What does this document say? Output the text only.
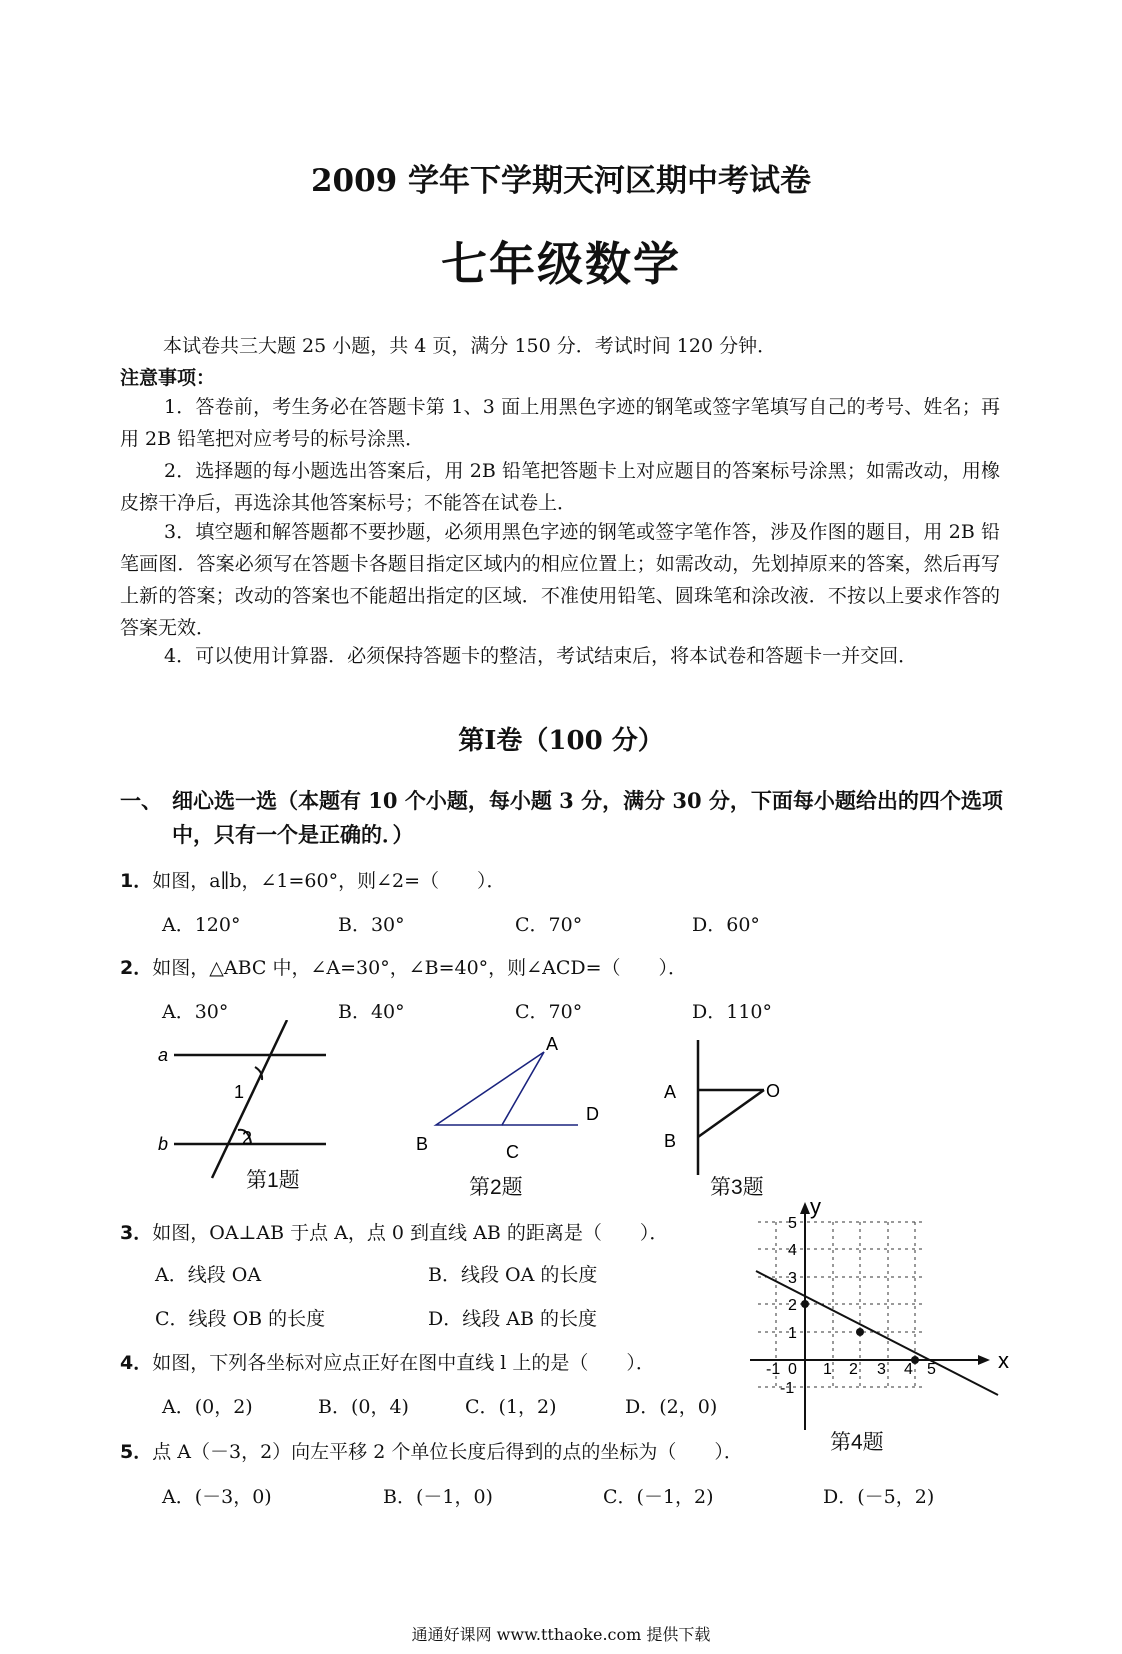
2009 学年下学期天河区期中考试卷
七年级数学
本试卷共三大题 25 小题，共 4 页，满分 150 分．考试时间 120 分钟．
注意事项：
1．答卷前，考生务必在答题卡第 1、3 面上用黑色字迹的钢笔或签字笔填写自己的考号、姓名；再用 2B 铅笔把对应考号的标号涂黑．
2．选择题的每小题选出答案后，用 2B 铅笔把答题卡上对应题目的答案标号涂黑；如需改动，用橡皮擦干净后，再选涂其他答案标号；不能答在试卷上．
3．填空题和解答题都不要抄题，必须用黑色字迹的钢笔或签字笔作答，涉及作图的题目，用 2B 铅笔画图．答案必须写在答题卡各题目指定区域内的相应位置上；如需改动，先划掉原来的答案，然后再写上新的答案；改动的答案也不能超出指定的区域．不准使用铅笔、圆珠笔和涂改液．不按以上要求作答的答案无效．
4．可以使用计算器．必须保持答题卡的整洁，考试结束后，将本试卷和答题卡一并交回．
第Ⅰ卷（100 分）
一、 细心选一选（本题有 10 个小题，每小题 3 分，满分 30 分，下面每小题给出的四个选项中，只有一个是正确的．）
1．如图，a∥b，∠1=60°，则∠2=（　　）．
A．120°	B．30°	C．70°	D．60°
2．如图，△ABC 中，∠A=30°，∠B=40°，则∠ACD=（　　）．
A．30°	B．40°	C．70°	D．110°
a
b
1
2
第1题
A
B	C
D
第2题
A
B
O
第3题
3．如图，OA⊥AB 于点 A，点 0 到直线 AB 的距离是（　　）．
A．线段 OA	B．线段 OA 的长度
C．线段 OB 的长度	D．线段 AB 的长度
4．如图，下列各坐标对应点正好在图中直线 l 上的是（　　）．
A．(0，2)	B．(0，4)	C．(1，2)	D．(2，0)
x
y
0
-1	1 2 3 4 5
5
4
3
2
1
-1
第4题
5．点 A（－3，2）向左平移 2 个单位长度后得到的点的坐标为（　　）．
A．(－3，0)	B．(－1，0)	C．(－1，2)	D．(－5，2)
通通好课网 www.tthaoke.com 提供下载
